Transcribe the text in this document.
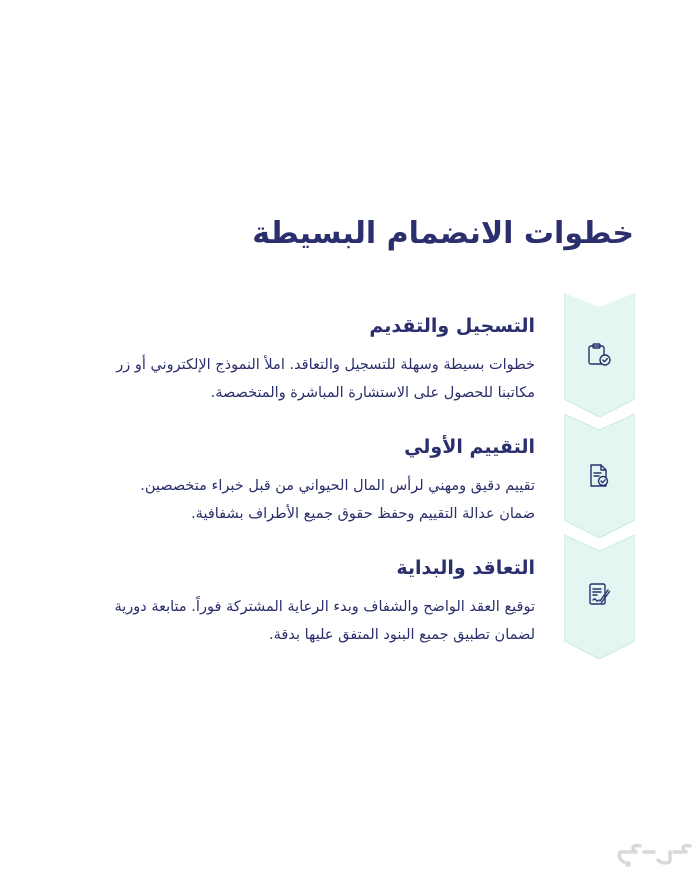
خطوات الانضمام البسيطة
التسجيل والتقديم
خطوات بسيطة وسهلة للتسجيل والتعاقد. املأ النموذج الإلكتروني أو زر
مكاتبنا للحصول على الاستشارة المباشرة والمتخصصة.
التقييم الأولي
تقييم دقيق ومهني لرأس المال الحيواني من قبل خبراء متخصصين.
ضمان عدالة التقييم وحفظ حقوق جميع الأطراف بشفافية.
التعاقد والبداية
توقيع العقد الواضح والشفاف وبدء الرعاية المشتركة فوراً. متابعة دورية
لضمان تطبيق جميع البنود المتفق عليها بدقة.
